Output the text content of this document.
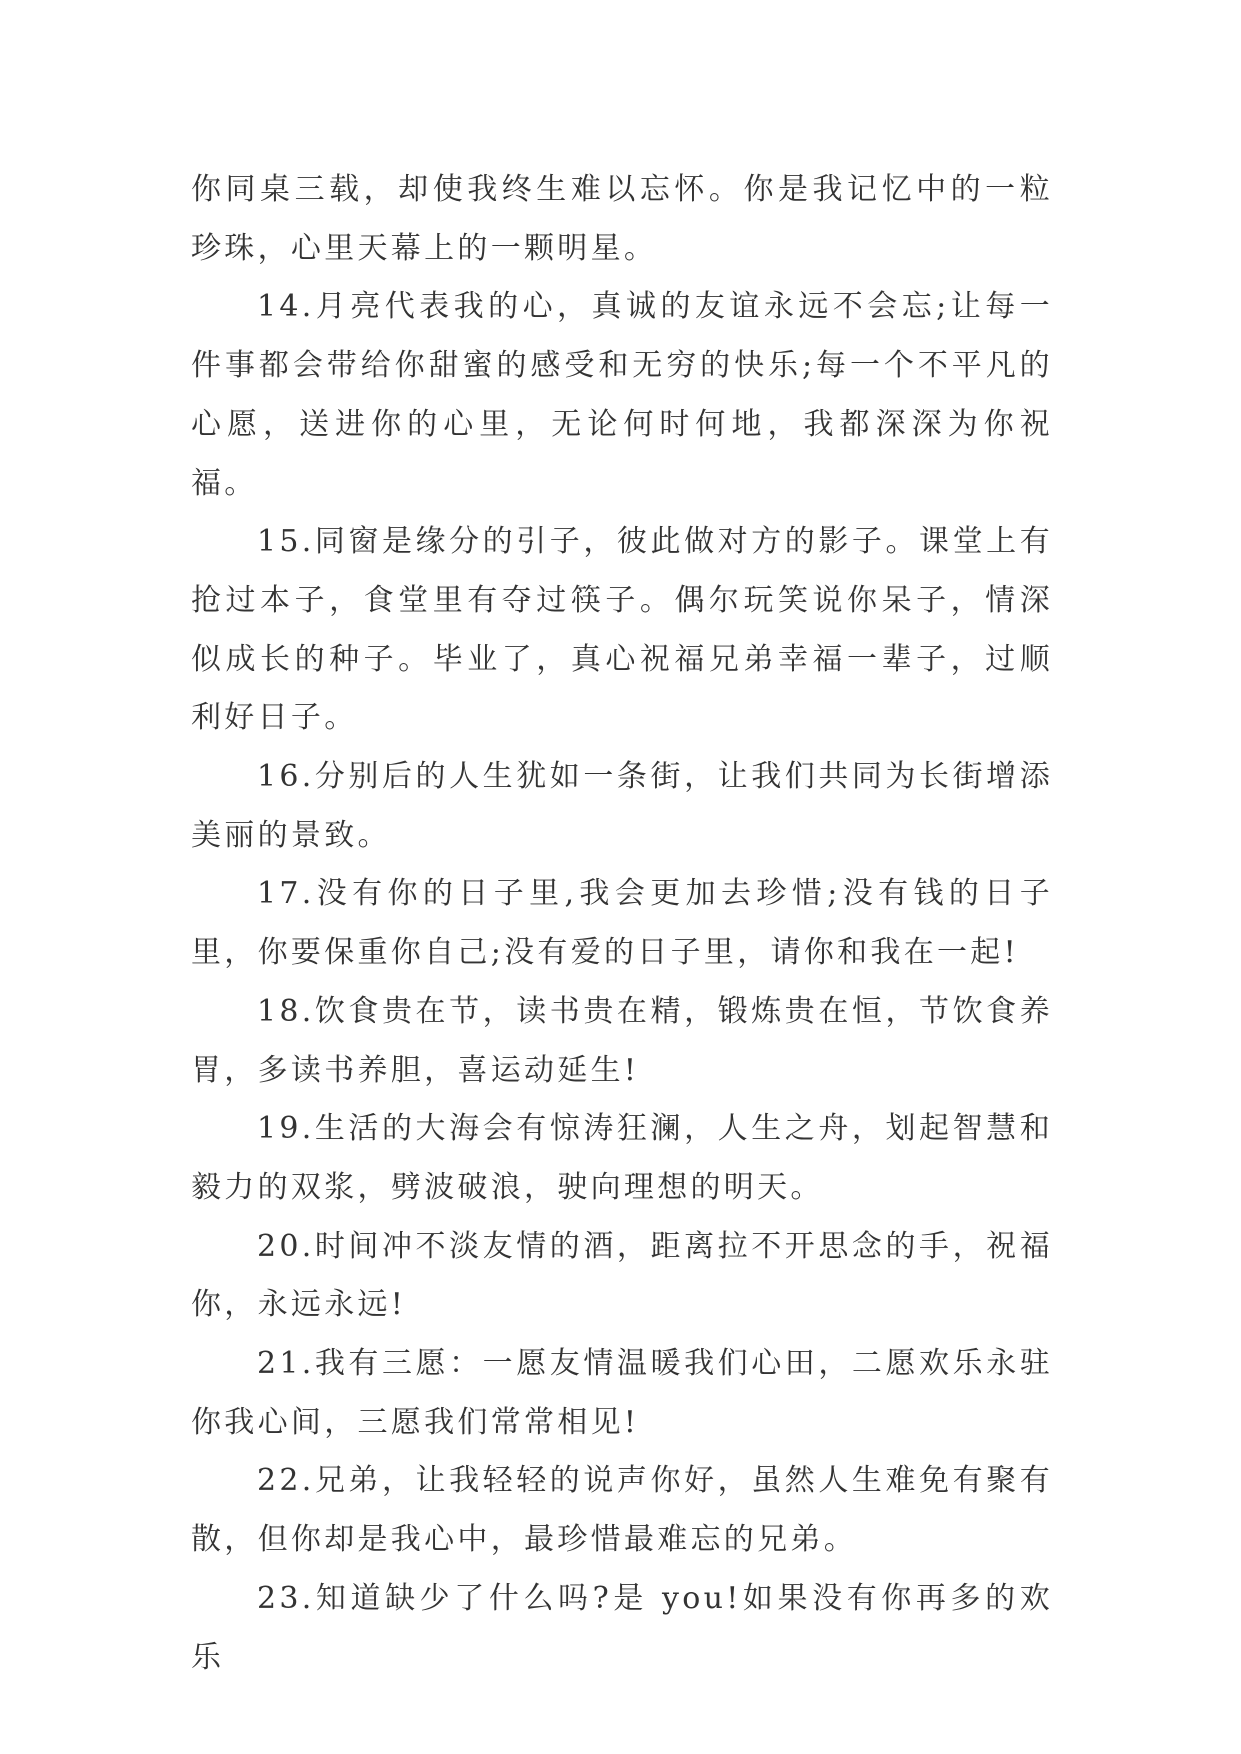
你同桌三载，却使我终生难以忘怀。你是我记忆中的一粒珍珠，心里天幕上的一颗明星。

14.月亮代表我的心，真诚的友谊永远不会忘;让每一件事都会带给你甜蜜的感受和无穷的快乐;每一个不平凡的心愿，送进你的心里，无论何时何地，我都深深为你祝福。

15.同窗是缘分的引子，彼此做对方的影子。课堂上有抢过本子，食堂里有夺过筷子。偶尔玩笑说你呆子，情深似成长的种子。毕业了，真心祝福兄弟幸福一辈子，过顺利好日子。

16.分别后的人生犹如一条街，让我们共同为长街增添美丽的景致。

17.没有你的日子里,我会更加去珍惜;没有钱的日子里，你要保重你自己;没有爱的日子里，请你和我在一起!

18.饮食贵在节，读书贵在精，锻炼贵在恒，节饮食养胃，多读书养胆，喜运动延生!

19.生活的大海会有惊涛狂澜，人生之舟，划起智慧和毅力的双浆，劈波破浪，驶向理想的明天。

20.时间冲不淡友情的酒，距离拉不开思念的手，祝福你，永远永远!

21.我有三愿：一愿友情温暖我们心田，二愿欢乐永驻你我心间，三愿我们常常相见!

22.兄弟，让我轻轻的说声你好，虽然人生难免有聚有散，但你却是我心中，最珍惜最难忘的兄弟。

23.知道缺少了什么吗?是 you!如果没有你再多的欢乐
